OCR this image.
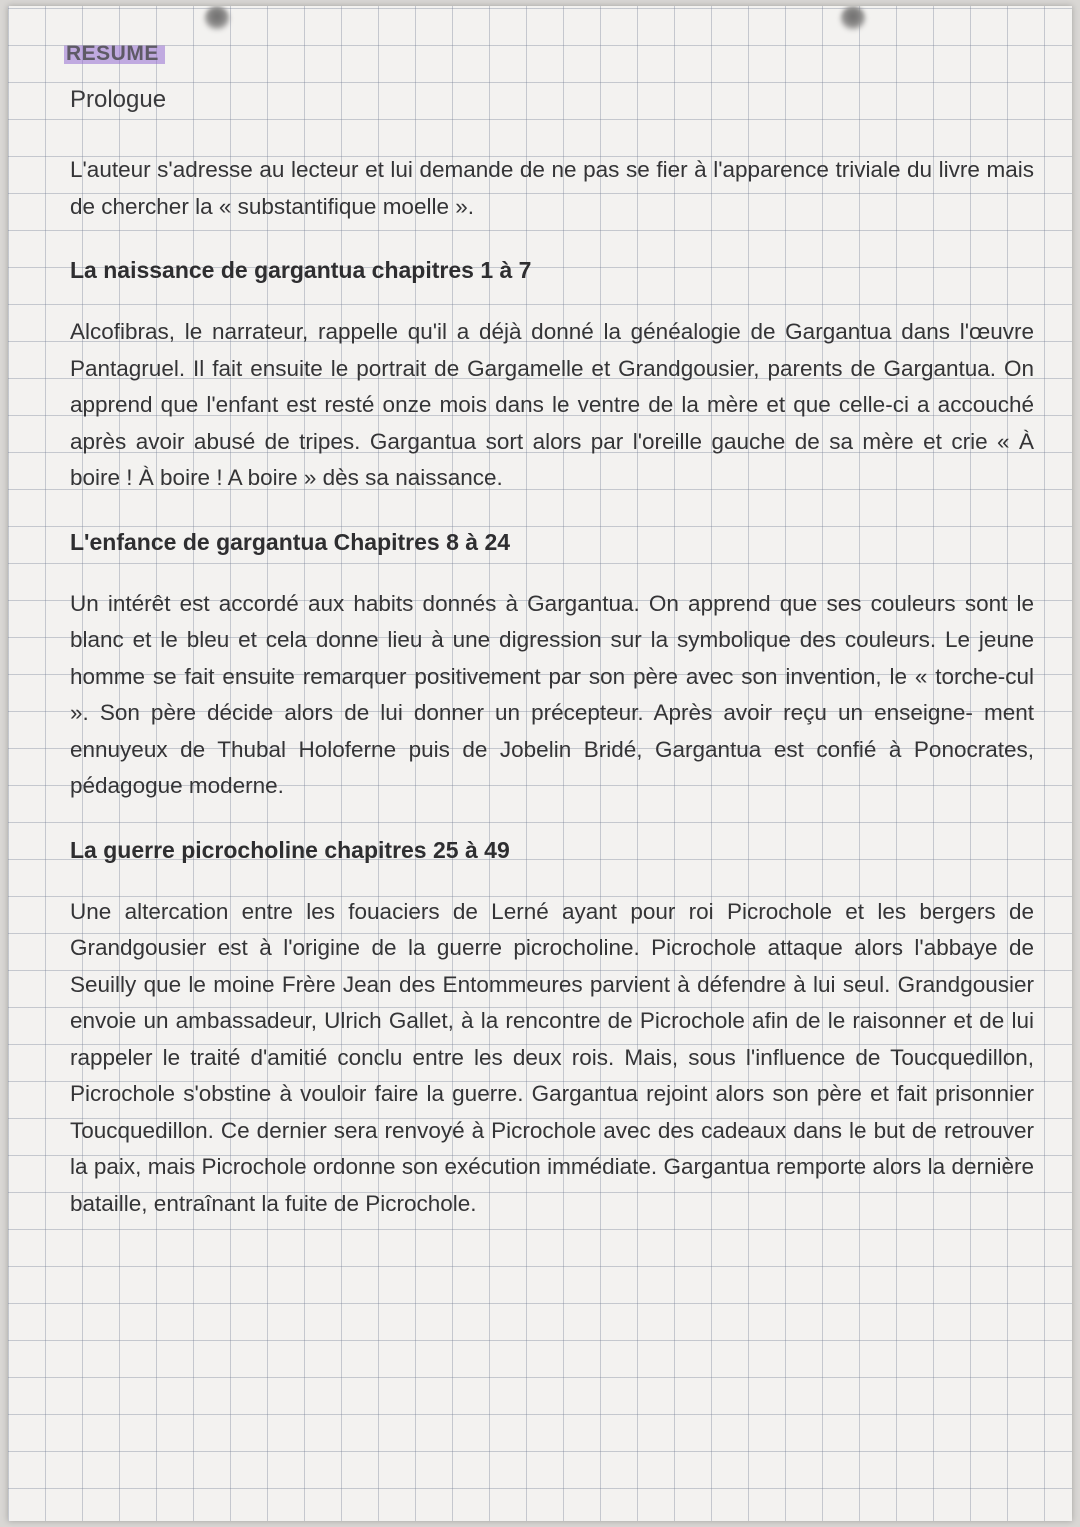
RESUME
Prologue

L'auteur s'adresse au lecteur et lui demande de ne pas se fier à l'apparence triviale du livre mais de chercher la « substantifique moelle ».

La naissance de gargantua chapitres 1 à 7

Alcofibras, le narrateur, rappelle qu'il a déjà donné la généalogie de Gargantua dans l'œuvre Pantagruel. Il fait ensuite le portrait de Gargamelle et Grandgousier, parents de Gargantua. On apprend que l'enfant est resté onze mois dans le ventre de la mère et que celle-ci a accouché après avoir abusé de tripes. Gargantua sort alors par l'oreille gauche de sa mère et crie « À boire ! À boire ! A boire » dès sa naissance.

L'enfance de gargantua Chapitres 8 à 24

Un intérêt est accordé aux habits donnés à Gargantua. On apprend que ses couleurs sont le blanc et le bleu et cela donne lieu à une digression sur la symbolique des couleurs. Le jeune homme se fait ensuite remarquer positivement par son père avec son invention, le « torche-cul ». Son père décide alors de lui donner un précepteur. Après avoir reçu un enseigne- ment ennuyeux de Thubal Holoferne puis de Jobelin Bridé, Gargantua est confié à Ponocrates, pédagogue moderne.

La guerre picrocholine chapitres 25 à 49

Une altercation entre les fouaciers de Lerné ayant pour roi Picrochole et les bergers de Grandgousier est à l'origine de la guerre picrocholine. Picrochole attaque alors l'abbaye de Seuilly que le moine Frère Jean des Entommeures parvient à défendre à lui seul. Grandgousier envoie un ambassadeur, Ulrich Gallet, à la rencontre de Picrochole afin de le raisonner et de lui rappeler le traité d'amitié conclu entre les deux rois. Mais, sous l'influence de Toucquedillon, Picrochole s'obstine à vouloir faire la guerre. Gargantua rejoint alors son père et fait prisonnier Toucquedillon. Ce dernier sera renvoyé à Picrochole avec des cadeaux dans le but de retrouver la paix, mais Picrochole ordonne son exécution immédiate. Gargantua remporte alors la dernière bataille, entraînant la fuite de Picrochole.
